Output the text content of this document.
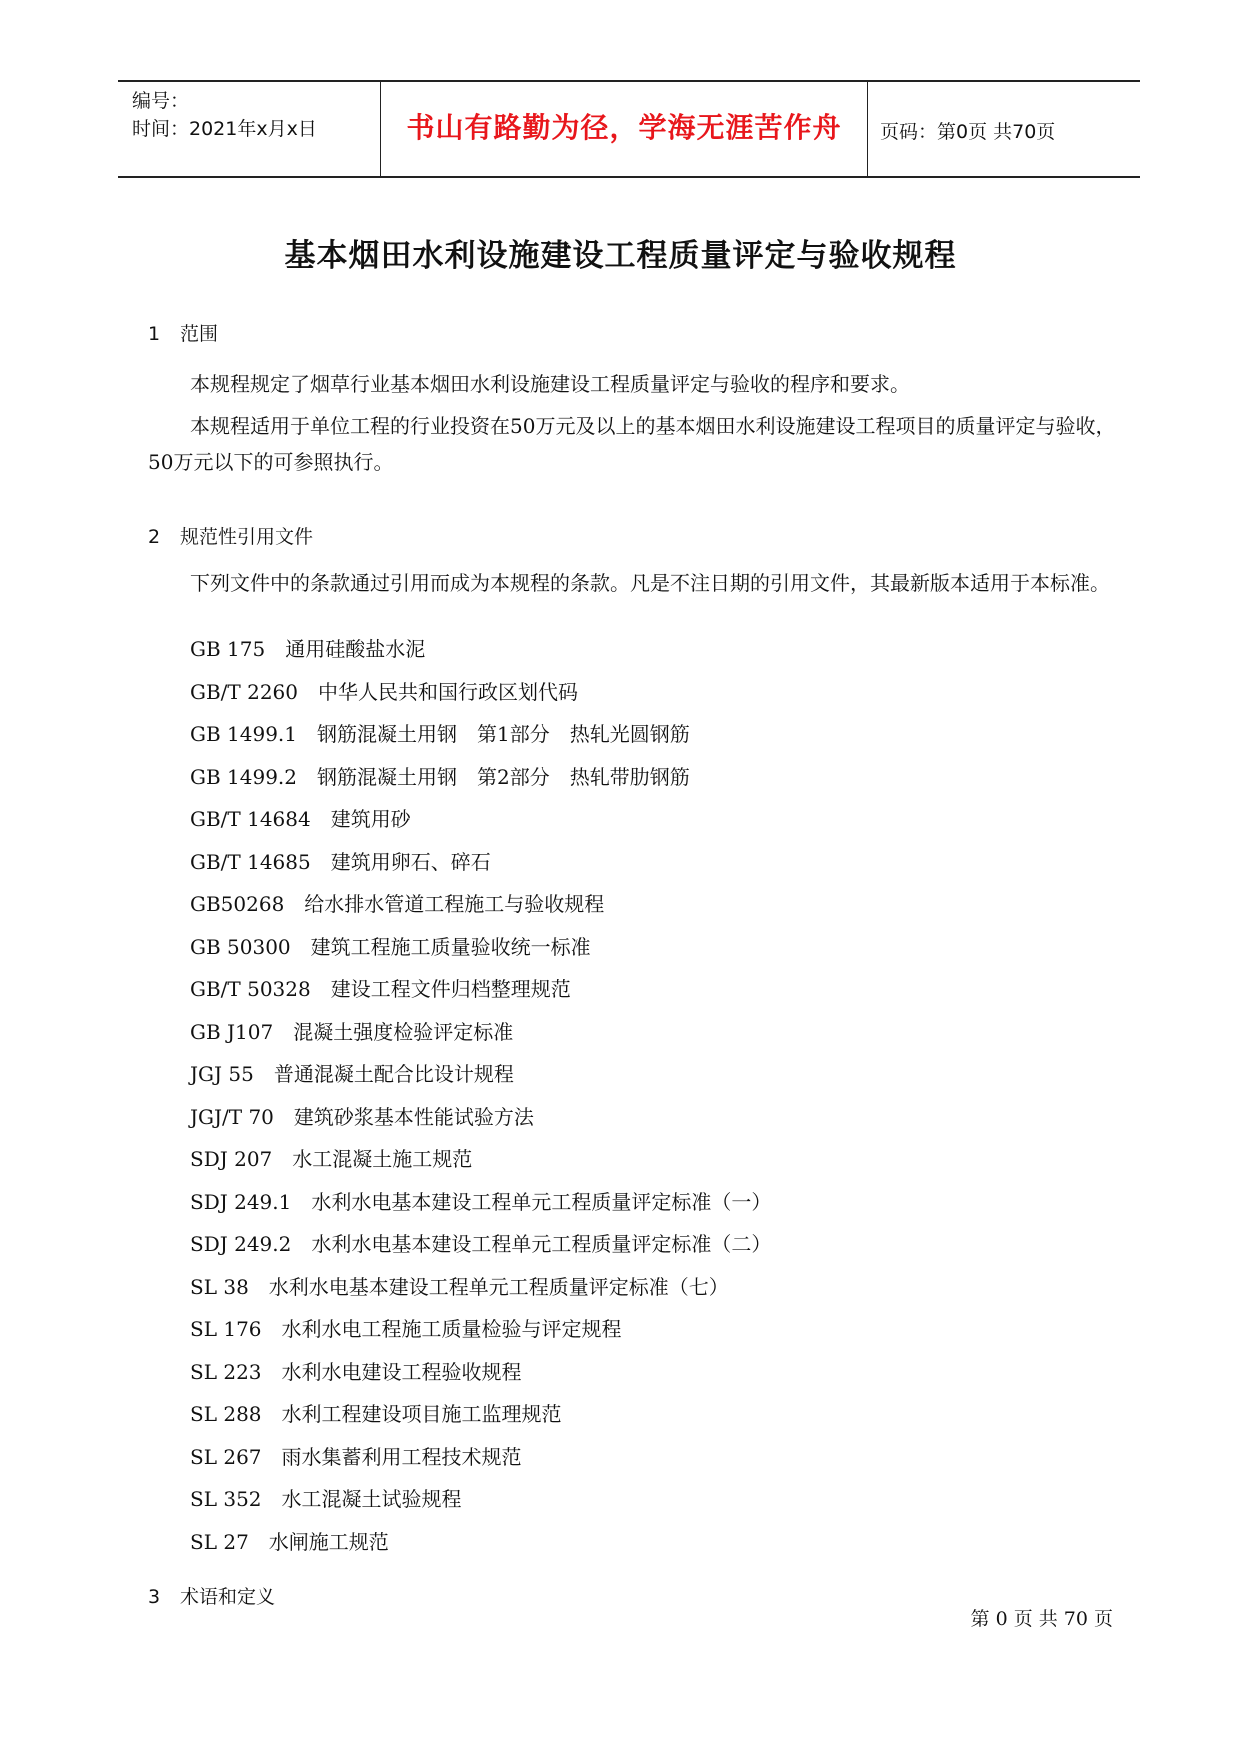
编号：
时间：2021年x月x日	书山有路勤为径，学海无涯苦作舟	页码：第0页 共70页
基本烟田水利设施建设工程质量评定与验收规程
1 范围

本规程规定了烟草行业基本烟田水利设施建设工程质量评定与验收的程序和要求。

本规程适用于单位工程的行业投资在50万元及以上的基本烟田水利设施建设工程项目的质量评定与验收，50万元以下的可参照执行。

2 规范性引用文件

下列文件中的条款通过引用而成为本规程的条款。凡是不注日期的引用文件，其最新版本适用于本标准。

GB 175　 通用硅酸盐水泥
GB/T 2260　 中华人民共和国行政区划代码
GB 1499.1　 钢筋混凝土用钢　第1部分　热轧光圆钢筋
GB 1499.2　 钢筋混凝土用钢　第2部分　热轧带肋钢筋
GB/T 14684　 建筑用砂
GB/T 14685　 建筑用卵石、碎石
GB50268　 给水排水管道工程施工与验收规程
GB 50300　 建筑工程施工质量验收统一标准
GB/T 50328　 建设工程文件归档整理规范
GB J107　 混凝土强度检验评定标准
JGJ 55　 普通混凝土配合比设计规程
JGJ/T 70　 建筑砂浆基本性能试验方法
SDJ 207　 水工混凝土施工规范
SDJ 249.1　 水利水电基本建设工程单元工程质量评定标准（一）
SDJ 249.2　 水利水电基本建设工程单元工程质量评定标准（二）
SL 38　 水利水电基本建设工程单元工程质量评定标准（七）
SL 176　 水利水电工程施工质量检验与评定规程
SL 223　 水利水电建设工程验收规程
SL 288　 水利工程建设项目施工监理规范
SL 267　 雨水集蓄利用工程技术规范
SL 352　 水工混凝土试验规程
SL 27　 水闸施工规范
3 术语和定义
第 0 页 共 70 页
